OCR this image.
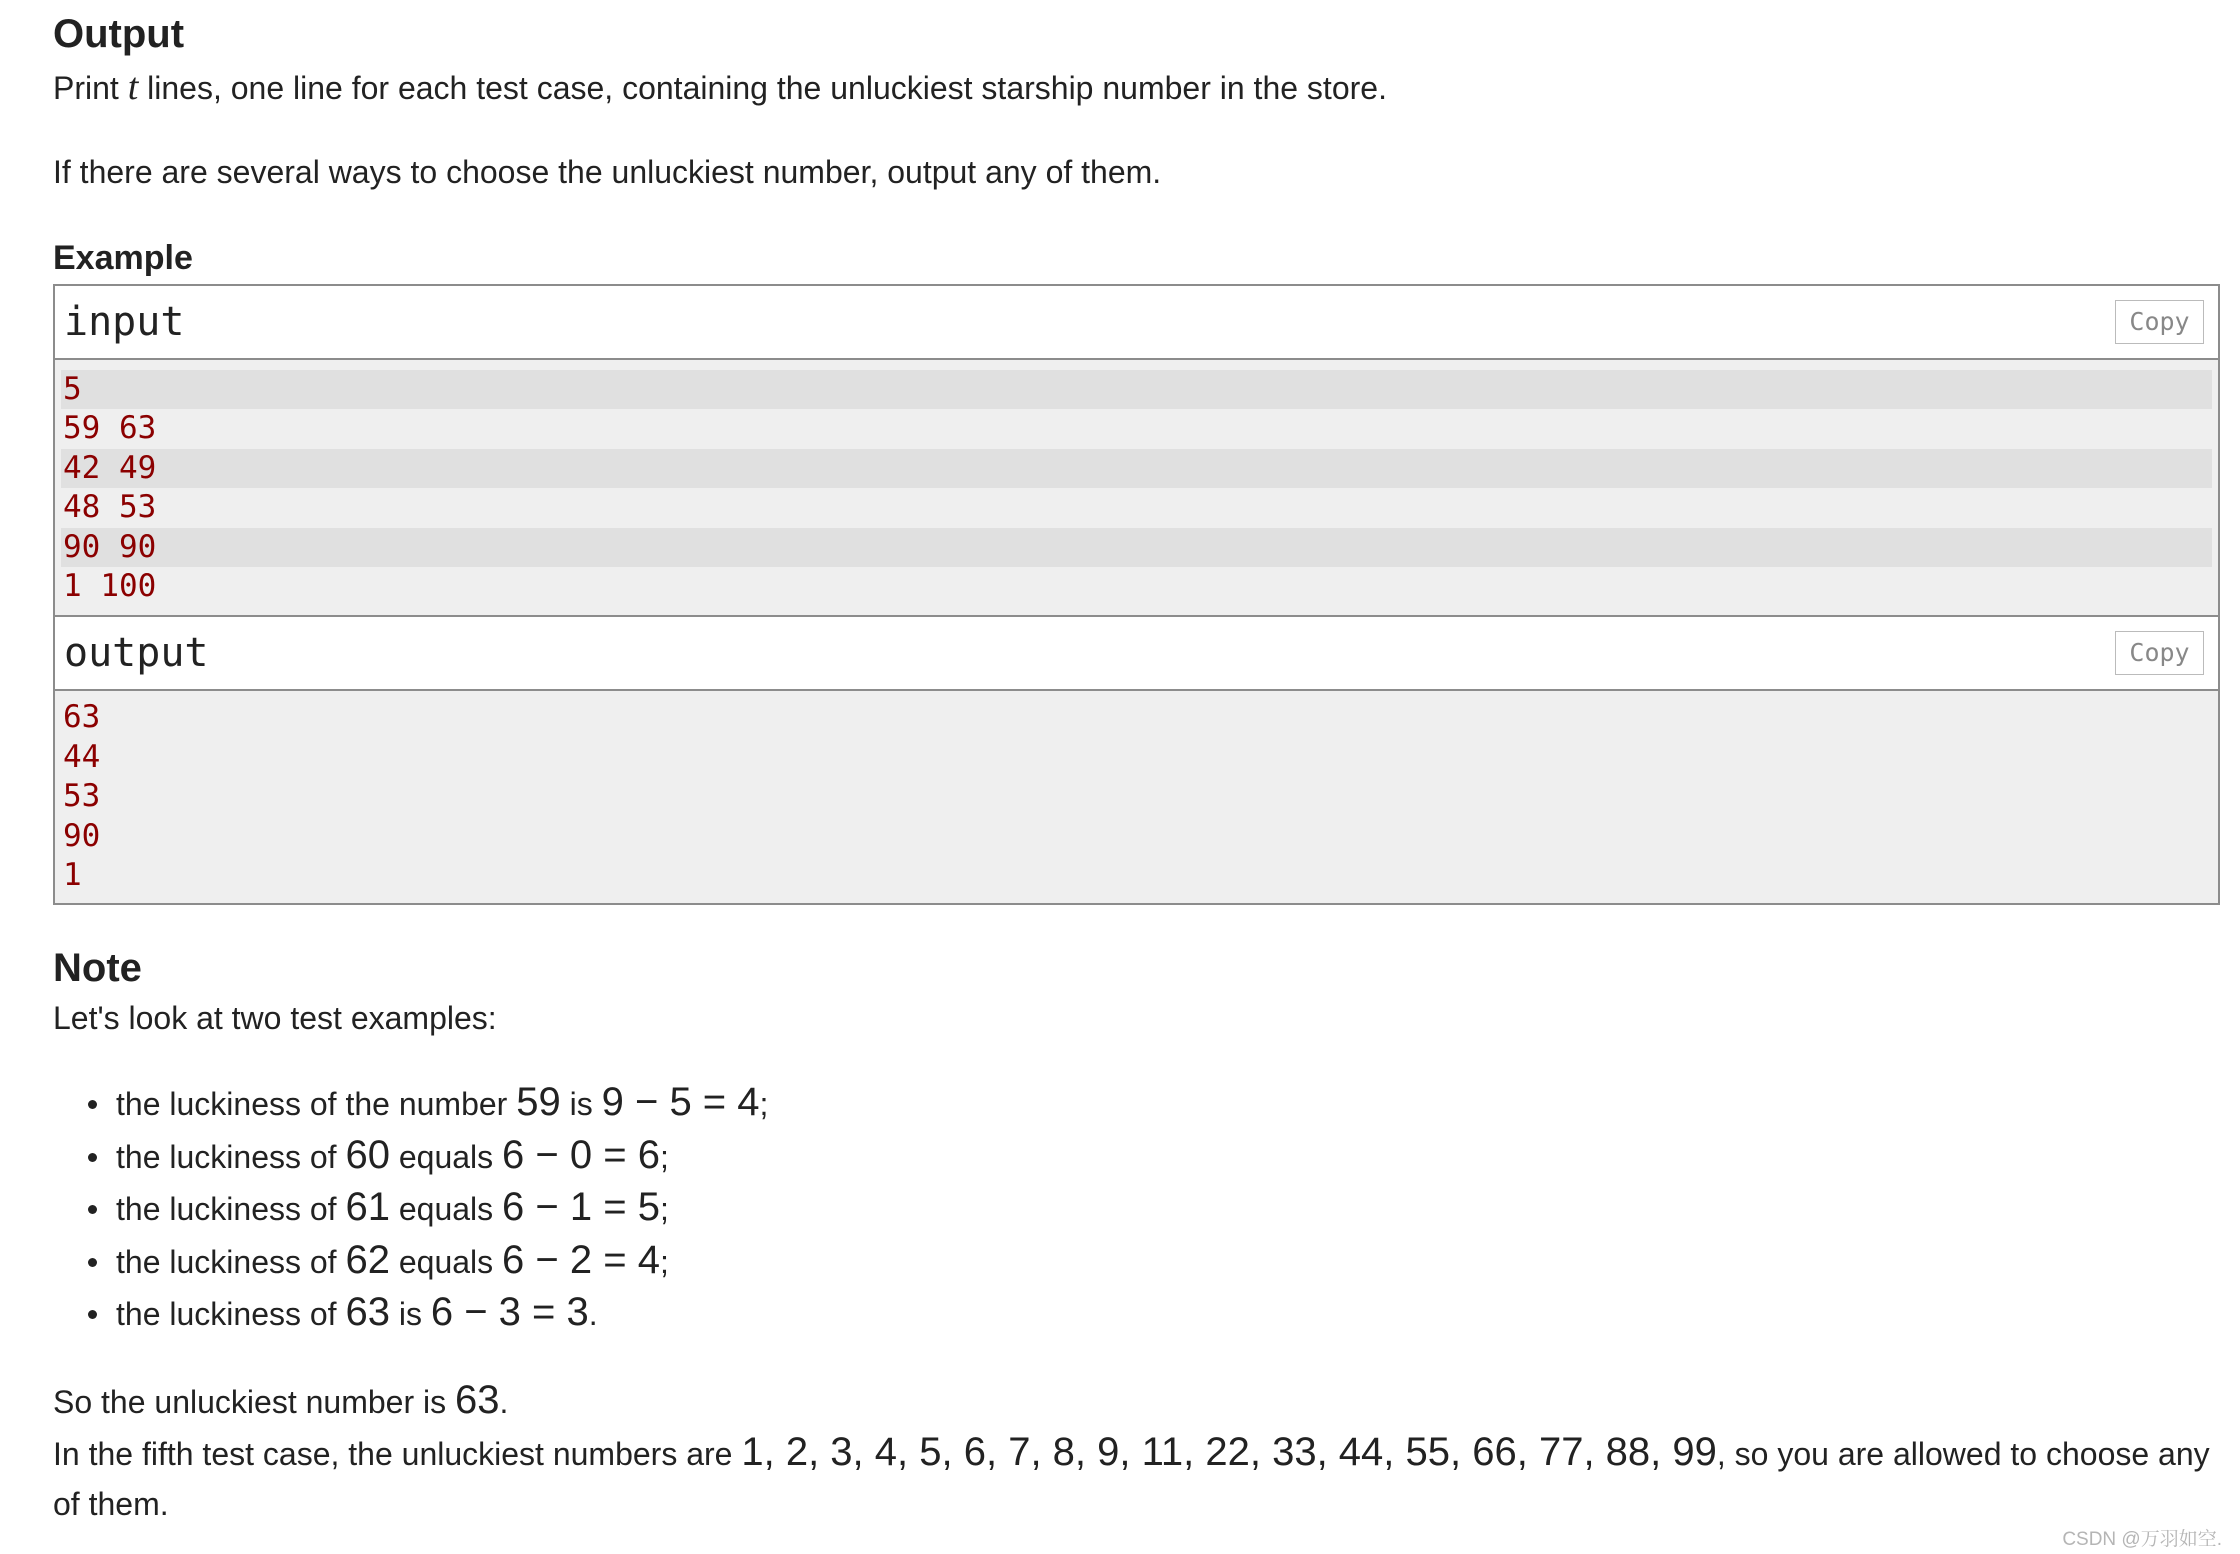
Output
Print t lines, one line for each test case, containing the unluckiest starship number in the store.
If there are several ways to choose the unluckiest number, output any of them.
Example
input	Copy
5
59 63
42 49
48 53
90 90
1 100
output	Copy
63
44
53
90
1
Note
Let's look at two test examples:
the luckiness of the number 59 is 9 − 5 = 4;
the luckiness of 60 equals 6 − 0 = 6;
the luckiness of 61 equals 6 − 1 = 5;
the luckiness of 62 equals 6 − 2 = 4;
the luckiness of 63 is 6 − 3 = 3.
So the unluckiest number is 63.
In the fifth test case, the unluckiest numbers are 1, 2, 3, 4, 5, 6, 7, 8, 9, 11, 22, 33, 44, 55, 66, 77, 88, 99, so you are allowed to choose any of them.
CSDN @万羽如空.
